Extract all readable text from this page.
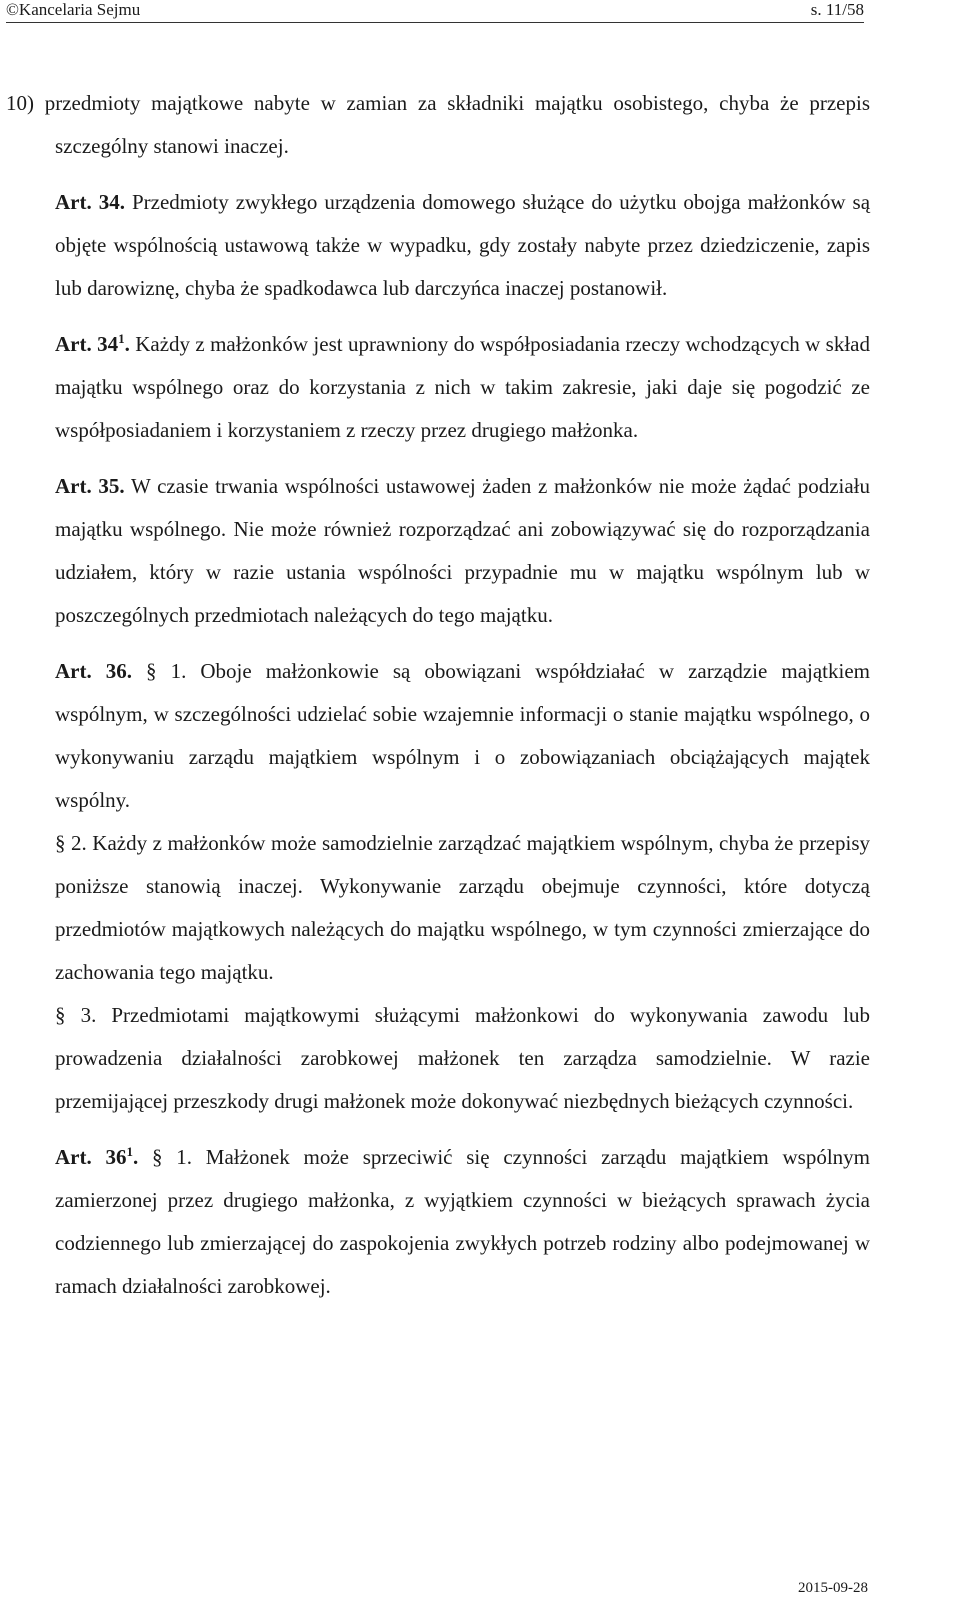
©Kancelaria Sejmu	s. 11/58

10) przedmioty majątkowe nabyte w zamian za składniki majątku osobistego, chyba że przepis szczególny stanowi inaczej.

Art. 34. Przedmioty zwykłego urządzenia domowego służące do użytku obojga małżonków są objęte wspólnością ustawową także w wypadku, gdy zostały nabyte przez dziedziczenie, zapis lub darowiznę, chyba że spadkodawca lub darczyńca inaczej postanowił.

Art. $34^1$. Każdy z małżonków jest uprawniony do współposiadania rzeczy wchodzących w skład majątku wspólnego oraz do korzystania z nich w takim zakresie, jaki daje się pogodzić ze współposiadaniem i korzystaniem z rzeczy przez drugiego małżonka.

Art. 35. W czasie trwania wspólności ustawowej żaden z małżonków nie może żądać podziału majątku wspólnego. Nie może również rozporządzać ani zobowiązywać się do rozporządzania udziałem, który w razie ustania wspólności przypadnie mu w majątku wspólnym lub w poszczególnych przedmiotach należących do tego majątku.

Art. 36. § 1. Oboje małżonkowie są obowiązani współdziałać w zarządzie majątkiem wspólnym, w szczególności udzielać sobie wzajemnie informacji o stanie majątku wspólnego, o wykonywaniu zarządu majątkiem wspólnym i o zobowiązaniach obciążających majątek wspólny.

§ 2. Każdy z małżonków może samodzielnie zarządzać majątkiem wspólnym, chyba że przepisy poniższe stanowią inaczej. Wykonywanie zarządu obejmuje czynności, które dotyczą przedmiotów majątkowych należących do majątku wspólnego, w tym czynności zmierzające do zachowania tego majątku.

§ 3. Przedmiotami majątkowymi służącymi małżonkowi do wykonywania zawodu lub prowadzenia działalności zarobkowej małżonek ten zarządza samodzielnie. W razie przemijającej przeszkody drugi małżonek może dokonywać niezbędnych bieżących czynności.

Art. $36^1$. § 1. Małżonek może sprzeciwić się czynności zarządu majątkiem wspólnym zamierzonej przez drugiego małżonka, z wyjątkiem czynności w bieżących sprawach życia codziennego lub zmierzającej do zaspokojenia zwykłych potrzeb rodziny albo podejmowanej w ramach działalności zarobkowej.

2015-09-28
